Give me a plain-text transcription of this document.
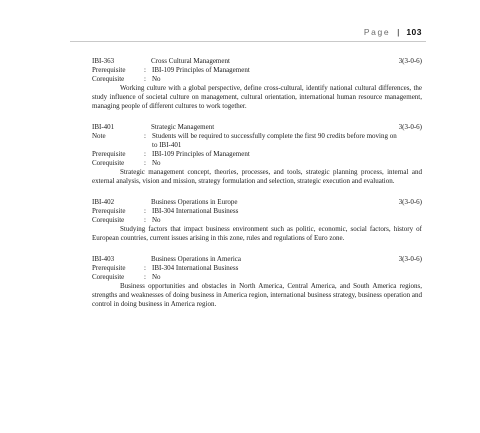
Page | 103
IBI-363	Cross Cultural Management	3(3-0-6)
Prerequisite	: IBI-109 Principles of Management
Corequisite	: No
Working culture with a global perspective, define cross-cultural, identify national cultural differences, the study influence of societal culture on management, cultural orientation, international human resource management, managing people of different cultures to work together.
IBI-401	Strategic Management	3(3-0-6)
Note	: Students will be required to successfully complete the first 90 credits before moving on to IBI-401
Prerequisite	: IBI-109 Principles of Management
Corequisite	: No
Strategic management concept, theories, processes, and tools, strategic planning process, internal and external analysis, vision and mission, strategy formulation and selection, strategic execution and evaluation.
IBI-402	Business Operations in Europe	3(3-0-6)
Prerequisite	: IBI-304 International Business
Corequisite	: No
Studying factors that impact business environment such as politic, economic, social factors, history of European countries, current issues arising in this zone, rules and regulations of Euro zone.
IBI-403	Business Operations in America	3(3-0-6)
Prerequisite	: IBI-304 International Business
Corequisite	: No
Business opportunities and obstacles in North America, Central America, and South America regions, strengths and weaknesses of doing business in America region, international business strategy, business operation and control in doing business in America region.
